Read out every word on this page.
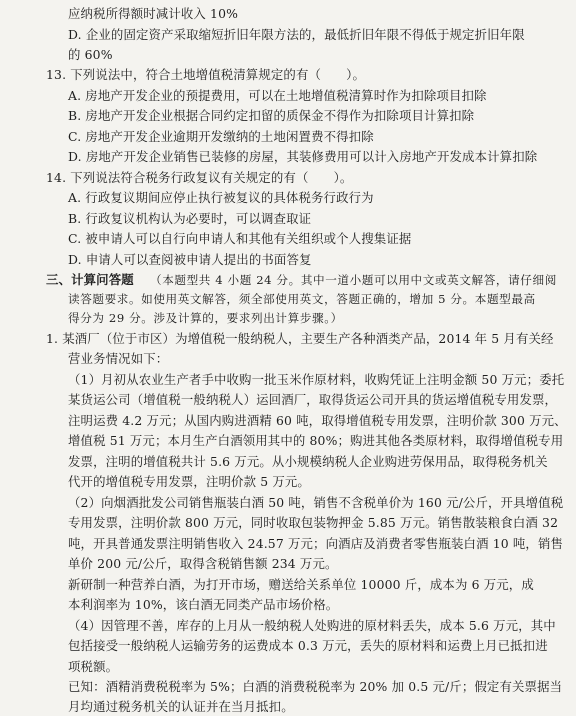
应纳税所得额时减计收入 10%
D. 企业的固定资产采取缩短折旧年限方法的，最低折旧年限不得低于规定折旧年限
的 60%
13. 下列说法中，符合土地增值税清算规定的有（　　）。
A. 房地产开发企业的预提费用，可以在土地增值税清算时作为扣除项目扣除
B. 房地产开发企业根据合同约定扣留的质保金不得作为扣除项目计算扣除
C. 房地产开发企业逾期开发缴纳的土地闲置费不得扣除
D. 房地产开发企业销售已装修的房屋，其装修费用可以计入房地产开发成本计算扣除
14. 下列说法符合税务行政复议有关规定的有（　　）。
A. 行政复议期间应停止执行被复议的具体税务行政行为
B. 行政复议机构认为必要时，可以调查取证
C. 被申请人可以自行向申请人和其他有关组织或个人搜集证据
D. 申请人可以查阅被申请人提出的书面答复
三、计算问答题 （本题型共 4 小题 24 分。其中一道小题可以用中文或英文解答，请仔细阅
读答题要求。如使用英文解答，须全部使用英文，答题正确的，增加 5 分。本题型最高
得分为 29 分。涉及计算的，要求列出计算步骤。）
1. 某酒厂（位于市区）为增值税一般纳税人，主要生产各种酒类产品，2014 年 5 月有关经
营业务情况如下：
（1）月初从农业生产者手中收购一批玉米作原材料，收购凭证上注明金额 50 万元；委托
某货运公司（增值税一般纳税人）运回酒厂，取得货运公司开具的货运增值税专用发票，
注明运费 4.2 万元；从国内购进酒精 60 吨，取得增值税专用发票，注明价款 300 万元、
增值税 51 万元；本月生产白酒领用其中的 80%；购进其他各类原材料，取得增值税专用
发票，注明的增值税共计 5.6 万元。从小规模纳税人企业购进劳保用品，取得税务机关
代开的增值税专用发票，注明价款 5 万元。
（2）向烟酒批发公司销售瓶装白酒 50 吨，销售不含税单价为 160 元/公斤，开具增值税
专用发票，注明价款 800 万元，同时收取包装物押金 5.85 万元。销售散装粮食白酒 32
吨，开具普通发票注明销售收入 24.57 万元；向酒店及消费者零售瓶装白酒 10 吨，销售
单价 200 元/公斤，取得含税销售额 234 万元。
新研制一种营养白酒，为打开市场，赠送给关系单位 10000 斤，成本为 6 万元，成
本利润率为 10%，该白酒无同类产品市场价格。
（4）因管理不善，库存的上月从一般纳税人处购进的原材料丢失，成本 5.6 万元，其中
包括接受一般纳税人运输劳务的运费成本 0.3 万元，丢失的原材料和运费上月已抵扣进
项税额。
已知：酒精消费税税率为 5%；白酒的消费税税率为 20% 加 0.5 元/斤；假定有关票据当
月均通过税务机关的认证并在当月抵扣。
